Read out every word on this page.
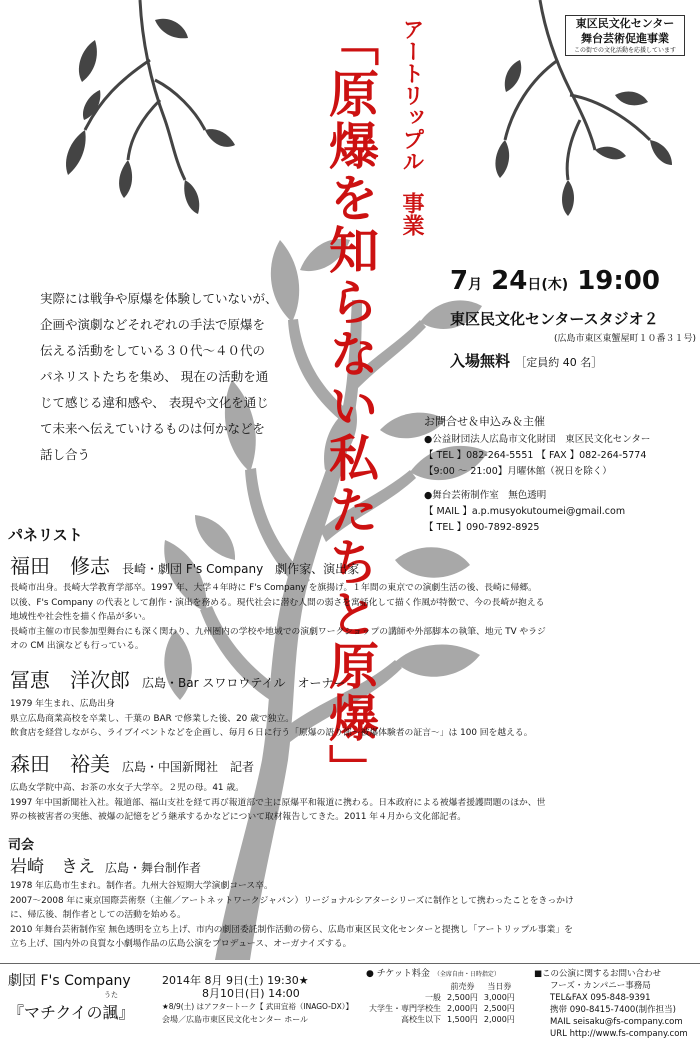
東区民文化センター
舞台芸術促進事業
この街での文化活動を応援しています
アートリップル事業
「原爆を知らない私たちと原爆」
実際には戦争や原爆を体験していないが、
企画や演劇などそれぞれの手法で原爆を
伝える活動をしている３０代～４０代の
パネリストたちを集め、 現在の活動を通
じて感じる違和感や、 表現や文化を通じ
て未来へ伝えていけるものは何かなどを
話し合う
7月 24日(木) 19:00
東区民文化センタースタジオ２
(広島市東区東蟹屋町１０番３１号)
入場無料 ［定員約 40 名］
お問合せ＆申込み＆主催
●公益財団法人広島市文化財団　東区民文化センター
【 TEL 】082-264-5551 【 FAX 】082-264-5774
【9:00 ～ 21:00】月曜休館（祝日を除く）
●舞台芸術制作室　無色透明
【 MAIL 】a.p.musyokutoumei@gmail.com
【 TEL 】090-7892-8925
パネリスト
福田　修志 長崎・劇団 F's Company　劇作家、演出家
長崎市出身。長崎大学教育学部卒。1997 年、大学４年時に F's Company を旗揚げ。１年間の東京での演劇生活の後、長崎に帰郷。
以後、F's Company の代表として創作・演出を務める。現代社会に潜む人間の弱さを寓話化して描く作風が特徴で、今の長崎が抱える
地域性や社会性を描く作品が多い。
長崎市主催の市民参加型舞台にも深く関わり、九州圏内の学校や地域での演劇ワークショップの講師や外部脚本の執筆、地元 TV やラジ
オの CM 出演なども行っている。
冨恵　洋次郎 広島・Bar スワロウテイル　オーナー
1979 年生まれ、広島出身
県立広島商業高校を卒業し、千葉の BAR で修業した後、20 歳で独立。
飲食店を経営しながら、ライブイベントなどを企画し、毎月６日に行う「原爆の語り部～被爆体験者の証言～」は 100 回を越える。
森田　裕美 広島・中国新聞社　記者
広島女学院中高、お茶の水女子大学卒。２児の母。41 歳。
1997 年中国新聞社入社。報道部、福山支社を経て再び報道部で主に原爆平和報道に携わる。日本政府による被爆者援護問題のほか、世
界の核被害者の実態、被爆の記憶をどう継承するかなどについて取材報告してきた。2011 年４月から文化部記者。
司会
岩崎　きえ 広島・舞台制作者
1978 年広島市生まれ。制作者。九州大谷短期大学演劇コース卒。
2007～2008 年に東京国際芸術祭（主催／アートネットワークジャパン）リージョナルシアターシリーズに制作として携わったことをきっかけ
に、帰広後、制作者としての活動を始める。
2010 年舞台芸術制作室 無色透明を立ち上げ、市内の劇団委託制作活動の傍ら、広島市東区民文化センターと提携し「アートリップル事業」を
立ち上げ、国内外の良質な小劇場作品の広島公演をプロデュース、オーガナイズする。
劇団 F's Company
『マチクイの諷』
うた
2014年 8月 9日(土) 19:30★
8月10日(日) 14:00
★8/9(土) はアフタートーク【 武田宜裕（INAGO-DX）】
会場／広島市東区民文化センター ホール
● チケット料金 （全席自由・日時指定）
	前売券	当日券
一般	2,500円	3,000円
大学生・専門学校生	2,000円	2,500円
高校生以下	1,500円	2,000円
■この公演に関するお問い合わせ
フーズ・カンパニー事務局
TEL&FAX 095-848-9391
携帯 090-8415-7400(制作担当)
MAIL seisaku@fs-company.com
URL http://www.fs-company.com
